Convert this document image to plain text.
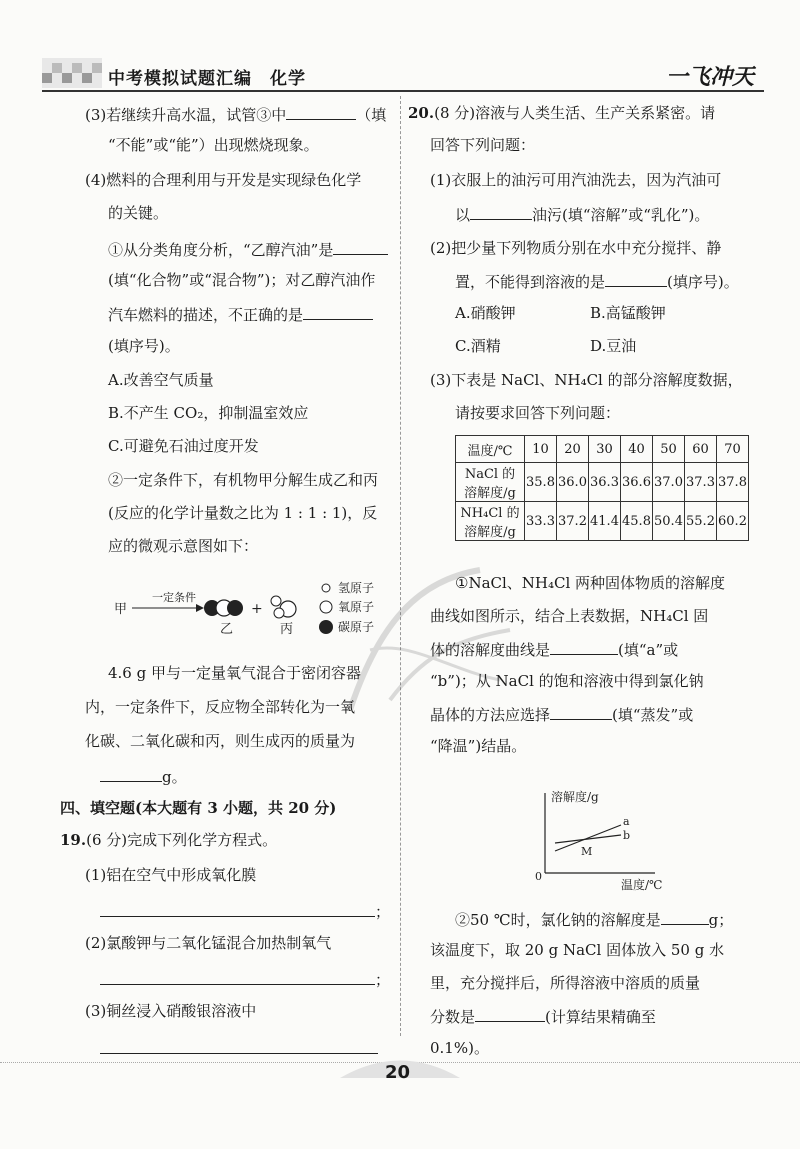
中考模拟试题汇编　化学	一飞冲天
(3)若继续升高水温，试管③中	（填
“不能”或“能”）出现燃烧现象。
(4)燃料的合理利用与开发是实现绿色化学
的关键。
①从分类角度分析，“乙醇汽油”是
(填“化合物”或“混合物”)；对乙醇汽油作
汽车燃料的描述，不正确的是
(填序号)。
A.改善空气质量
B.不产生 CO₂，抑制温室效应
C.可避免石油过度开发
②一定条件下，有机物甲分解生成乙和丙
(反应的化学计量数之比为 1 : 1 : 1)，反
应的微观示意图如下：
甲
一定条件
乙
+
丙
氢原子
氧原子
碳原子
4.6 g 甲与一定量氧气混合于密闭容器
内，一定条件下，反应物全部转化为一氧
化碳、二氧化碳和丙，则生成丙的质量为
g。
四、填空题(本大题有 3 小题，共 20 分)
19.(6 分)完成下列化学方程式。
(1)铝在空气中形成氧化膜
；
(2)氯酸钾与二氧化锰混合加热制氧气
；
(3)铜丝浸入硝酸银溶液中
20.(8 分)溶液与人类生活、生产关系紧密。请
回答下列问题：
(1)衣服上的油污可用汽油洗去，因为汽油可
以	油污(填“溶解”或“乳化”)。
(2)把少量下列物质分别在水中充分搅拌、静
置，不能得到溶液的是	(填序号)。
A.硝酸钾	B.高锰酸钾
C.酒精	D.豆油
(3)下表是 NaCl、NH₄Cl 的部分溶解度数据，
请按要求回答下列问题：
温度/℃	10	20	30	40	50	60	70

NaCl 的
溶解度/g	35.8	36.0	36.3	36.6	37.0	37.3	37.8

NH₄Cl 的
溶解度/g	33.3	37.2	41.4	45.8	50.4	55.2	60.2
①NaCl、NH₄Cl 两种固体物质的溶解度
曲线如图所示，结合上表数据，NH₄Cl 固
体的溶解度曲线是	(填“a”或
“b”)；从 NaCl 的饱和溶液中得到氯化钠
晶体的方法应选择	(填“蒸发”或
“降温”)结晶。
溶解度/g
温度/℃
0
a
b
M
②50 ℃时，氯化钠的溶解度是	g；
该温度下，取 20 g NaCl 固体放入 50 g 水
里，充分搅拌后，所得溶液中溶质的质量
分数是	(计算结果精确至
0.1%)。
20
